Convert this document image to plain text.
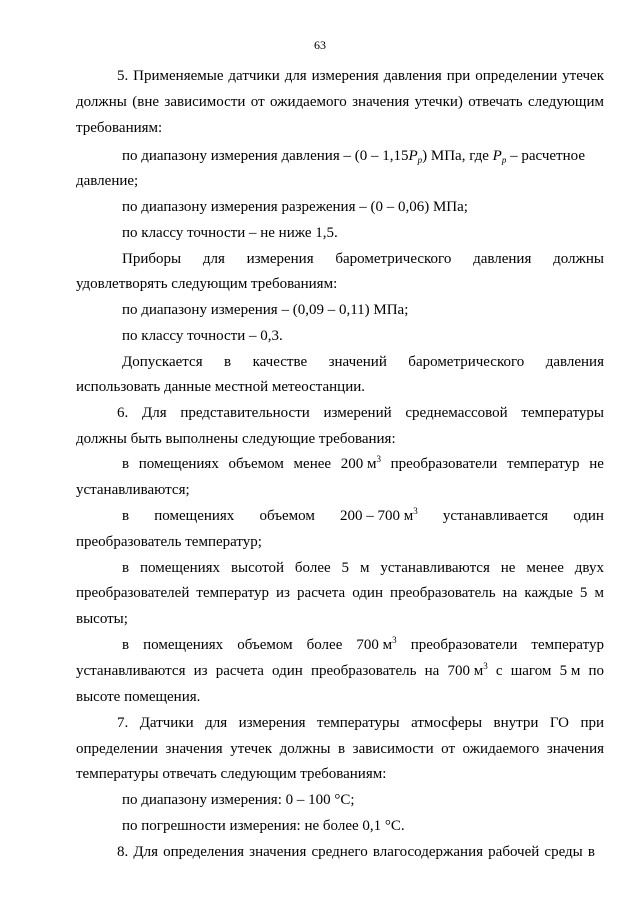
63
5. Применяемые датчики для измерения давления при определении утечек
должны (вне зависимости от ожидаемого значения утечки) отвечать следующим
требованиям:
по диапазону измерения давления – $(0 - 1,15P_р)$ МПа, где $P_р$ – расчетное
давление;
по диапазону измерения разрежения – (0 – 0,06) МПа;
по классу точности – не ниже 1,5.
Приборы для измерения барометрического давления должны
удовлетворять следующим требованиям:
по диапазону измерения – (0,09 – 0,11) МПа;
по классу точности – 0,3.
Допускается в качестве значений барометрического давления
использовать данные местной метеостанции.
6. Для представительности измерений среднемассовой температуры
должны быть выполнены следующие требования:
в помещениях объемом менее 200 $м^3$ преобразователи температур не
устанавливаются;
в помещениях объемом 200 – 700 $м^3$ устанавливается один
преобразователь температур;
в помещениях высотой более 5 м устанавливаются не менее двух
преобразователей температур из расчета один преобразователь на каждые 5 м
высоты;
в помещениях объемом более 700 $м^3$ преобразователи температур
устанавливаются из расчета один преобразователь на 700 $м^3$ с шагом 5 м по
высоте помещения.
7. Датчики для измерения температуры атмосферы внутри ГО при
определении значения утечек должны в зависимости от ожидаемого значения
температуры отвечать следующим требованиям:
по диапазону измерения: 0 – 100 °С;
по погрешности измерения: не более 0,1 °С.
8. Для определения значения среднего влагосодержания рабочей среды в
